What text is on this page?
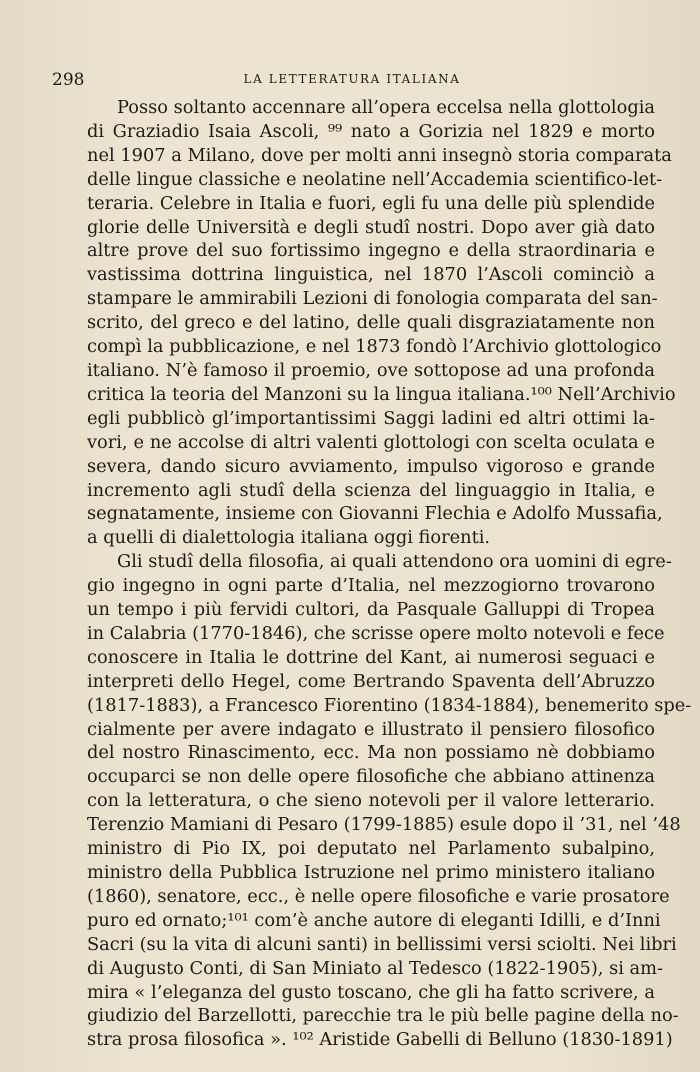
298	LA LETTERATURA ITALIANA
Posso soltanto accennare all’opera eccelsa nella glottologia
di Graziadio Isaia Ascoli, ⁹⁹ nato a Gorizia nel 1829 e morto
nel 1907 a Milano, dove per molti anni insegnò storia comparata
delle lingue classiche e neolatine nell’Accademia scientifico-let-
teraria. Celebre in Italia e fuori, egli fu una delle più splendide
glorie delle Università e degli studî nostri. Dopo aver già dato
altre prove del suo fortissimo ingegno e della straordinaria e
vastissima dottrina linguistica, nel 1870 l’Ascoli cominciò a
stampare le ammirabili Lezioni di fonologia comparata del san-
scrito, del greco e del latino, delle quali disgraziatamente non
compì la pubblicazione, e nel 1873 fondò l’Archivio glottologico
italiano. N’è famoso il proemio, ove sottopose ad una profonda
critica la teoria del Manzoni su la lingua italiana.¹⁰⁰ Nell’Archivio
egli pubblicò gl’importantissimi Saggi ladini ed altri ottimi la-
vori, e ne accolse di altri valenti glottologi con scelta oculata e
severa, dando sicuro avviamento, impulso vigoroso e grande
incremento agli studî della scienza del linguaggio in Italia, e
segnatamente, insieme con Giovanni Flechia e Adolfo Mussafia,
a quelli di dialettologia italiana oggi fiorenti.
Gli studî della filosofia, ai quali attendono ora uomini di egre-
gio ingegno in ogni parte d’Italia, nel mezzogiorno trovarono
un tempo i più fervidi cultori, da Pasquale Galluppi di Tropea
in Calabria (1770-1846), che scrisse opere molto notevoli e fece
conoscere in Italia le dottrine del Kant, ai numerosi seguaci e
interpreti dello Hegel, come Bertrando Spaventa dell’Abruzzo
(1817-1883), a Francesco Fiorentino (1834-1884), benemerito spe-
cialmente per avere indagato e illustrato il pensiero filosofico
del nostro Rinascimento, ecc. Ma non possiamo nè dobbiamo
occuparci se non delle opere filosofiche che abbiano attinenza
con la letteratura, o che sieno notevoli per il valore letterario.
Terenzio Mamiani di Pesaro (1799-1885) esule dopo il ’31, nel ’48
ministro di Pio IX, poi deputato nel Parlamento subalpino,
ministro della Pubblica Istruzione nel primo ministero italiano
(1860), senatore, ecc., è nelle opere filosofiche e varie prosatore
puro ed ornato;¹⁰¹ com’è anche autore di eleganti Idilli, e d’Inni
Sacri (su la vita di alcuni santi) in bellissimi versi sciolti. Nei libri
di Augusto Conti, di San Miniato al Tedesco (1822-1905), si am-
mira « l’eleganza del gusto toscano, che gli ha fatto scrivere, a
giudizio del Barzellotti, parecchie tra le più belle pagine della no-
stra prosa filosofica ». ¹⁰² Aristide Gabelli di Belluno (1830-1891)
